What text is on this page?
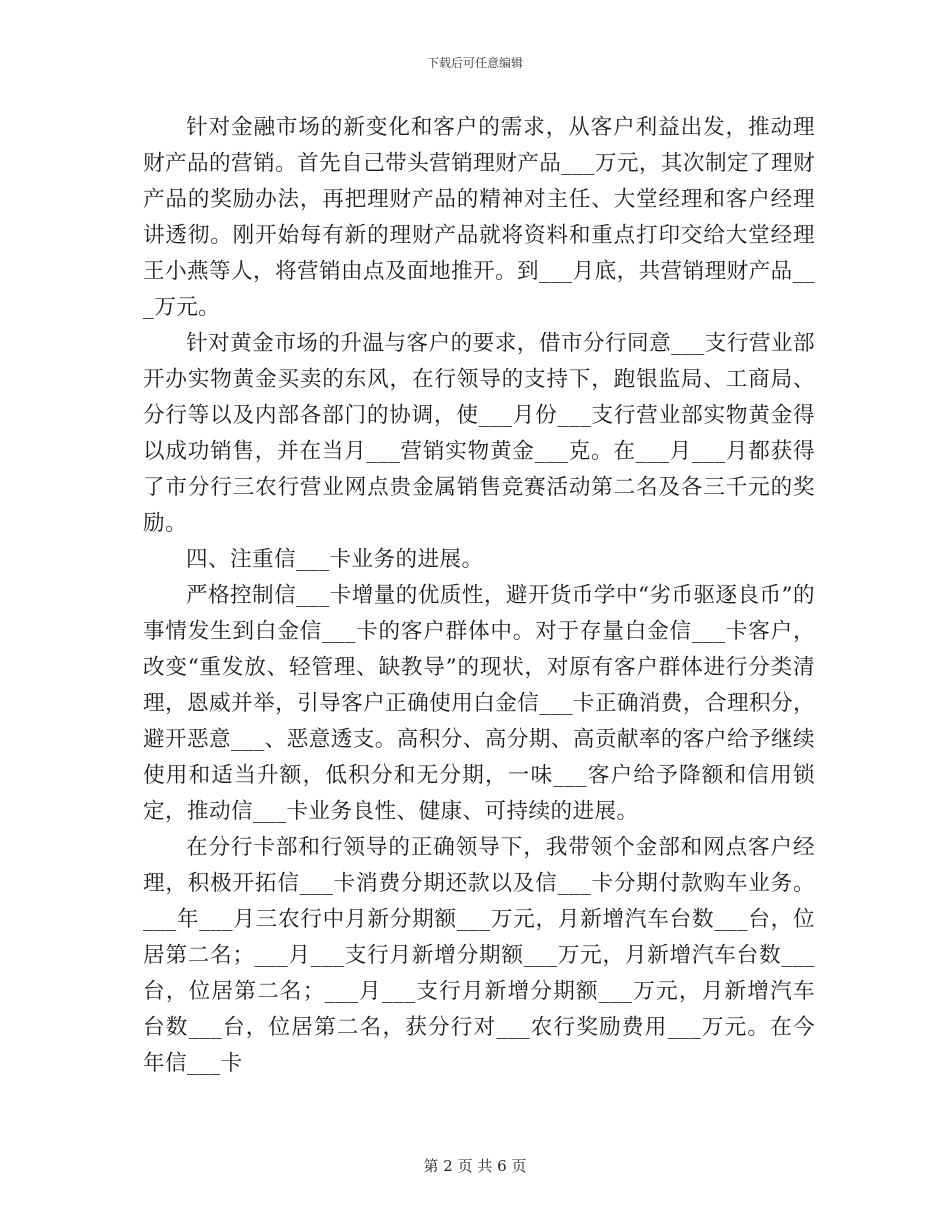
下载后可任意编辑

针对金融市场的新变化和客户的需求，从客户利益出发，推动理财产品的营销。首先自己带头营销理财产品___万元，其次制定了理财产品的奖励办法，再把理财产品的精神对主任、大堂经理和客户经理讲透彻。刚开始每有新的理财产品就将资料和重点打印交给大堂经理王小燕等人，将营销由点及面地推开。到___月底，共营销理财产品___万元。

针对黄金市场的升温与客户的要求，借市分行同意___支行营业部开办实物黄金买卖的东风，在行领导的支持下，跑银监局、工商局、分行等以及内部各部门的协调，使___月份___支行营业部实物黄金得以成功销售，并在当月___营销实物黄金___克。在___月___月都获得了市分行三农行营业网点贵金属销售竞赛活动第二名及各三千元的奖励。

四、注重信___卡业务的进展。

严格控制信___卡增量的优质性，避开货币学中“劣币驱逐良币”的事情发生到白金信___卡的客户群体中。对于存量白金信___卡客户，改变“重发放、轻管理、缺教导”的现状，对原有客户群体进行分类清理，恩威并举，引导客户正确使用白金信___卡正确消费，合理积分，避开恶意___、恶意透支。高积分、高分期、高贡献率的客户给予继续使用和适当升额，低积分和无分期，一味___客户给予降额和信用锁定，推动信___卡业务良性、健康、可持续的进展。

在分行卡部和行领导的正确领导下，我带领个金部和网点客户经理，积极开拓信___卡消费分期还款以及信___卡分期付款购车业务。___年___月三农行中月新分期额___万元，月新增汽车台数___台，位居第二名；___月___支行月新增分期额___万元，月新增汽车台数___台，位居第二名；___月___支行月新增分期额___万元，月新增汽车台数___台，位居第二名，获分行对___农行奖励费用___万元。在今年信___卡

第 2 页 共 6 页
